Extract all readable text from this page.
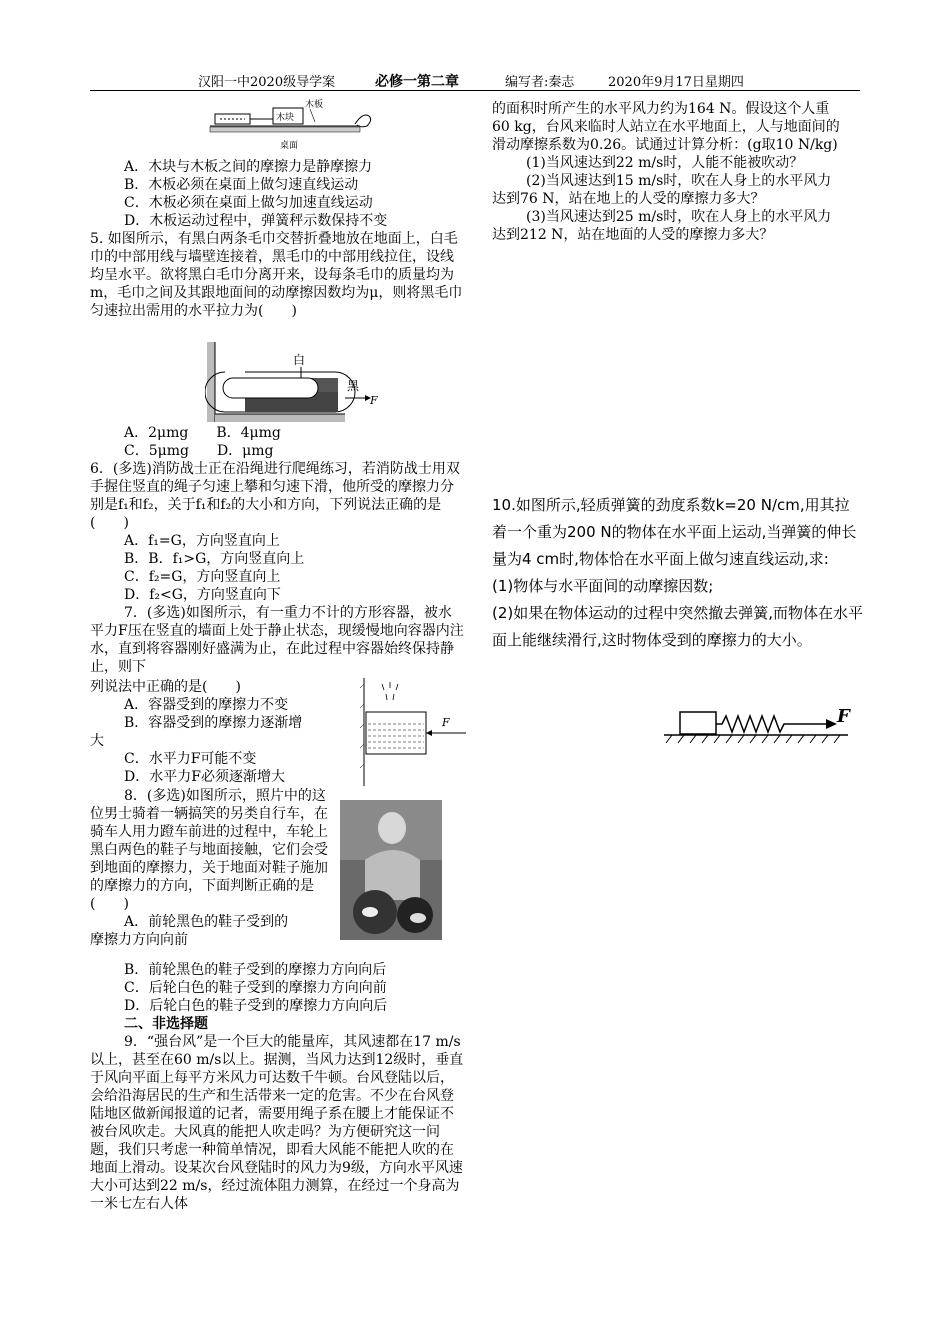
汉阳一中2020级导学案	必修一第二章	编写者:秦志	2020年9月17日星期四
木块
木板
桌面

A．木块与木板之间的摩擦力是静摩擦力

B．木板必须在桌面上做匀速直线运动

C．木板必须在桌面上做匀加速直线运动

D．木板运动过程中，弹簧秤示数保持不变

5. 如图所示，有黑白两条毛巾交替折叠地放在地面上，白毛巾的中部用线与墙壁连接着，黑毛巾的中部用线拉住，设线均呈水平。欲将黑白毛巾分离开来，设每条毛巾的质量均为m，毛巾之间及其跟地面间的动摩擦因数均为μ，则将黑毛巾匀速拉出需用的水平拉力为(　　)

白
黑
F

A．2μmg　　B．4μmg

C．5μmg　　D．μmg

6．(多选)消防战士正在沿绳进行爬绳练习，若消防战士用双手握住竖直的绳子匀速上攀和匀速下滑，他所受的摩擦力分别是f₁和f₂，关于f₁和f₂的大小和方向，下列说法正确的是(　　)

A．f₁=G，方向竖直向上

B．B．f₁>G，方向竖直向上

C．f₂=G，方向竖直向上

D．f₂<G，方向竖直向下

7．(多选)如图所示，有一重力不计的方形容器，被水平力F压在竖直的墙面上处于静止状态，现缓慢地向容器内注水，直到将容器刚好盛满为止，在此过程中容器始终保持静止，则下

列说法中正确的是(　　)

A．容器受到的摩擦力不变

B．容器受到的摩擦力逐渐增

大

C．水平力F可能不变

D．水平力F必须逐渐增大

F

8．(多选)如图所示，照片中的这位男士骑着一辆搞笑的另类自行车，在骑车人用力蹬车前进的过程中，车轮上黑白两色的鞋子与地面接触，它们会受到地面的摩擦力，关于地面对鞋子施加的摩擦力的方向，下面判断正确的是(　　)

A．前轮黑色的鞋子受到的

摩擦力方向向前

B．前轮黑色的鞋子受到的摩擦力方向向后

C．后轮白色的鞋子受到的摩擦力方向向前

D．后轮白色的鞋子受到的摩擦力方向向后

二、非选择题

9．“强台风”是一个巨大的能量库，其风速都在17 m/s以上，甚至在60 m/s以上。据测，当风力达到12级时，垂直于风向平面上每平方米风力可达数千牛顿。台风登陆以后，会给沿海居民的生产和生活带来一定的危害。不少在台风登陆地区做新闻报道的记者，需要用绳子系在腰上才能保证不被台风吹走。大风真的能把人吹走吗？为方便研究这一问题，我们只考虑一种简单情况，即看大风能不能把人吹的在地面上滑动。设某次台风登陆时的风力为9级，方向水平风速大小可达到22 m/s，经过流体阻力测算，在经过一个身高为一米七左右人体

的面积时所产生的水平风力约为164 N。假设这个人重60 kg，台风来临时人站立在水平地面上，人与地面间的滑动摩擦系数为0.26。试通过计算分析：(g取10 N/kg)

(1)当风速达到22 m/s时，人能不能被吹动？

(2)当风速达到15 m/s时，吹在人身上的水平风力达到76 N，站在地上的人受的摩擦力多大？

(3)当风速达到25 m/s时，吹在人身上的水平风力达到212 N，站在地面的人受的摩擦力多大？

10.如图所示,轻质弹簧的劲度系数k=20 N/cm,用其拉着一个重为200 N的物体在水平面上运动,当弹簧的伸长量为4 cm时,物体恰在水平面上做匀速直线运动,求:

(1)物体与水平面间的动摩擦因数;

(2)如果在物体运动的过程中突然撤去弹簧,而物体在水平面上能继续滑行,这时物体受到的摩擦力的大小。

F
